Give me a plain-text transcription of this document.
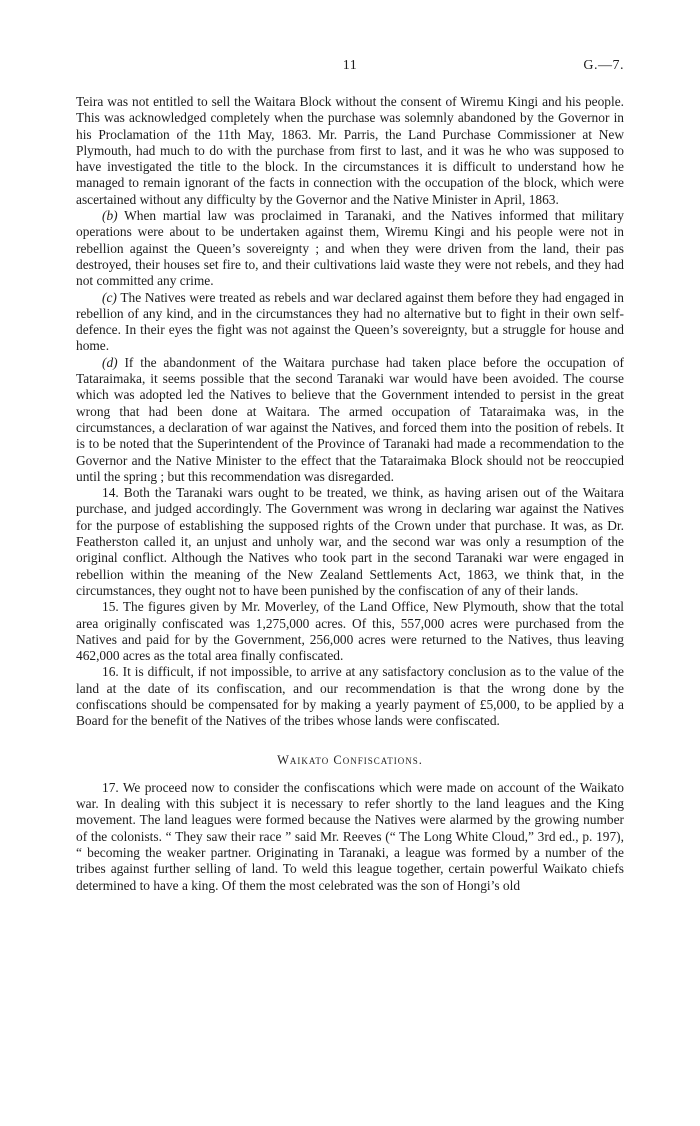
11	G.—7.

Teira was not entitled to sell the Waitara Block without the consent of Wiremu Kingi and his people. This was acknowledged completely when the purchase was solemnly abandoned by the Governor in his Proclamation of the 11th May, 1863. Mr. Parris, the Land Purchase Commissioner at New Plymouth, had much to do with the purchase from first to last, and it was he who was supposed to have investigated the title to the block. In the circumstances it is difficult to understand how he managed to remain ignorant of the facts in connection with the occupation of the block, which were ascertained without any difficulty by the Governor and the Native Minister in April, 1863.

(b) When martial law was proclaimed in Taranaki, and the Natives informed that military operations were about to be undertaken against them, Wiremu Kingi and his people were not in rebellion against the Queen’s sovereignty ; and when they were driven from the land, their pas destroyed, their houses set fire to, and their cultivations laid waste they were not rebels, and they had not committed any crime.

(c) The Natives were treated as rebels and war declared against them before they had engaged in rebellion of any kind, and in the circumstances they had no alternative but to fight in their own self-defence. In their eyes the fight was not against the Queen’s sovereignty, but a struggle for house and home.

(d) If the abandonment of the Waitara purchase had taken place before the occupation of Tataraimaka, it seems possible that the second Taranaki war would have been avoided. The course which was adopted led the Natives to believe that the Government intended to persist in the great wrong that had been done at Waitara. The armed occupation of Tataraimaka was, in the circumstances, a declaration of war against the Natives, and forced them into the position of rebels. It is to be noted that the Superintendent of the Province of Taranaki had made a recommendation to the Governor and the Native Minister to the effect that the Tataraimaka Block should not be reoccupied until the spring ; but this recommendation was disregarded.

14. Both the Taranaki wars ought to be treated, we think, as having arisen out of the Waitara purchase, and judged accordingly. The Government was wrong in declaring war against the Natives for the purpose of establishing the supposed rights of the Crown under that purchase. It was, as Dr. Featherston called it, an unjust and unholy war, and the second war was only a resumption of the original conflict. Although the Natives who took part in the second Taranaki war were engaged in rebellion within the meaning of the New Zealand Settlements Act, 1863, we think that, in the circumstances, they ought not to have been punished by the confiscation of any of their lands.

15. The figures given by Mr. Moverley, of the Land Office, New Plymouth, show that the total area originally confiscated was 1,275,000 acres. Of this, 557,000 acres were purchased from the Natives and paid for by the Government, 256,000 acres were returned to the Natives, thus leaving 462,000 acres as the total area finally confiscated.

16. It is difficult, if not impossible, to arrive at any satisfactory conclusion as to the value of the land at the date of its confiscation, and our recommendation is that the wrong done by the confiscations should be compensated for by making a yearly payment of £5,000, to be applied by a Board for the benefit of the Natives of the tribes whose lands were confiscated.

Waikato Confiscations.

17. We proceed now to consider the confiscations which were made on account of the Waikato war. In dealing with this subject it is necessary to refer shortly to the land leagues and the King movement. The land leagues were formed because the Natives were alarmed by the growing number of the colonists. “ They saw their race ” said Mr. Reeves (“ The Long White Cloud,” 3rd ed., p. 197), “ becoming the weaker partner. Originating in Taranaki, a league was formed by a number of the tribes against further selling of land. To weld this league together, certain powerful Waikato chiefs determined to have a king. Of them the most celebrated was the son of Hongi’s old
